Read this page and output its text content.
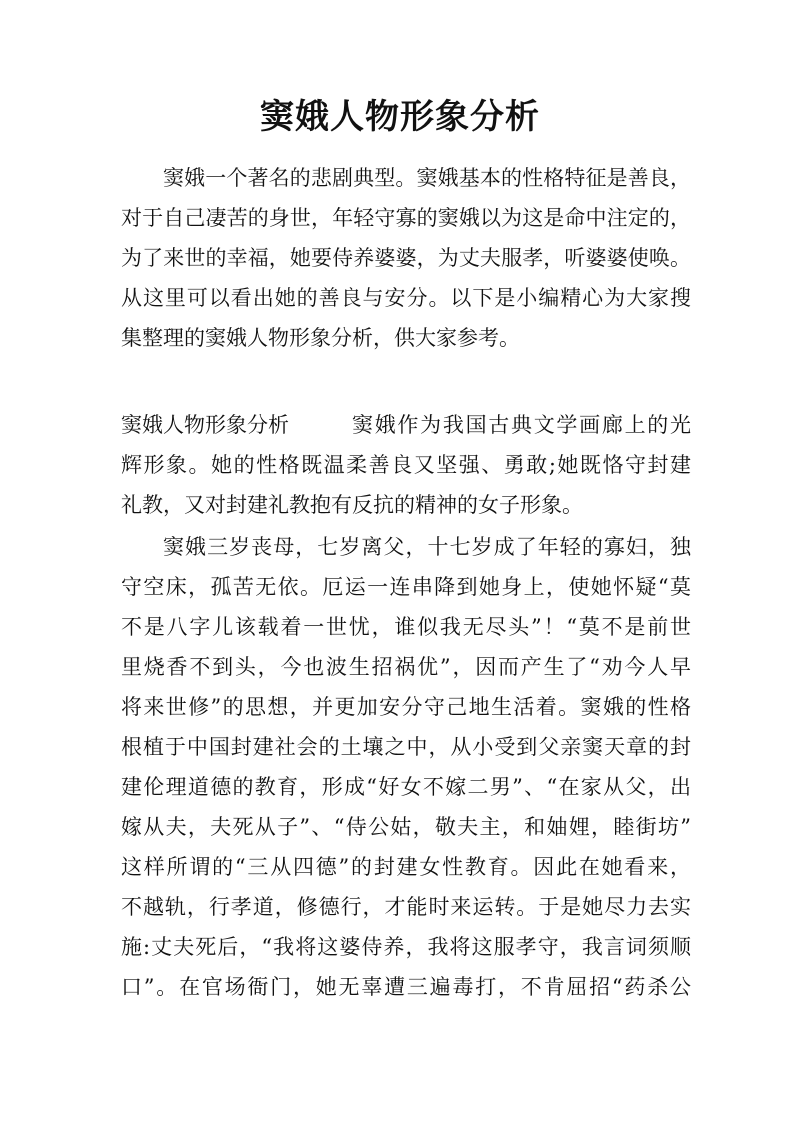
窦娥人物形象分析
窦娥一个著名的悲剧典型。窦娥基本的性格特征是善良，
对于自己凄苦的身世，年轻守寡的窦娥以为这是命中注定的，
为了来世的幸福，她要侍养婆婆，为丈夫服孝，听婆婆使唤。
从这里可以看出她的善良与安分。以下是小编精心为大家搜
集整理的窦娥人物形象分析，供大家参考。
窦娥人物形象分析	窦娥作为我国古典文学画廊上的光
辉形象。她的性格既温柔善良又坚强、勇敢;她既恪守封建
礼教，又对封建礼教抱有反抗的精神的女子形象。
窦娥三岁丧母，七岁离父，十七岁成了年轻的寡妇，独
守空床，孤苦无依。厄运一连串降到她身上，使她怀疑“莫
不是八字儿该载着一世忧，谁似我无尽头”！“莫不是前世
里烧香不到头，今也波生招祸优”，因而产生了“劝今人早
将来世修”的思想，并更加安分守己地生活着。窦娥的性格
根植于中国封建社会的土壤之中，从小受到父亲窦天章的封
建伦理道德的教育，形成“好女不嫁二男”、“在家从父，出
嫁从夫，夫死从子”、“侍公姑，敬夫主，和妯娌，睦街坊”
这样所谓的“三从四德”的封建女性教育。因此在她看来，
不越轨，行孝道，修德行，才能时来运转。于是她尽力去实
施:丈夫死后，“我将这婆侍养，我将这服孝守，我言词须顺
口”。在官场衙门，她无辜遭三遍毒打，不肯屈招“药杀公
